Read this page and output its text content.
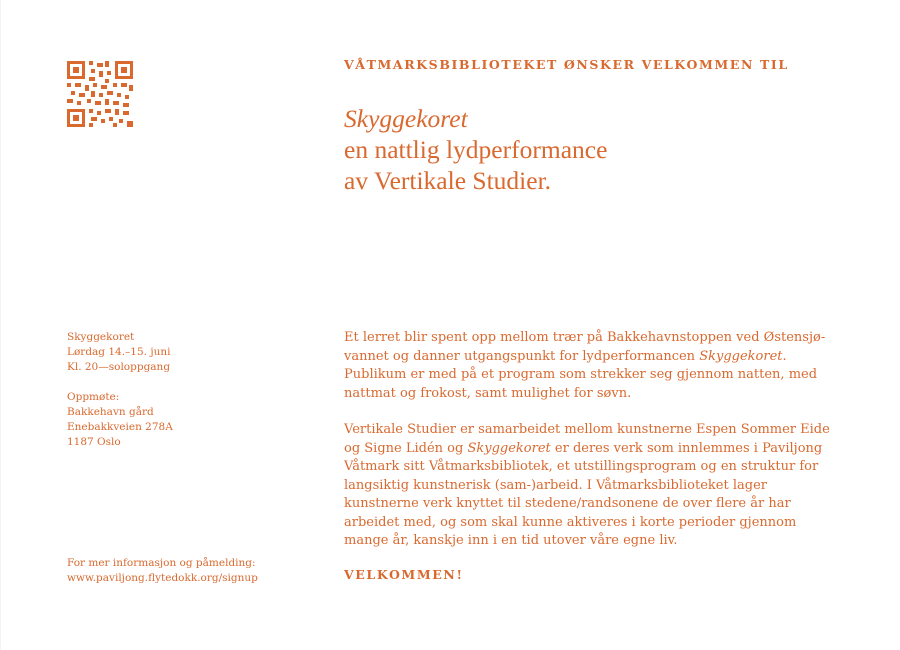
VÅTMARKSBIBLIOTEKET ØNSKER VELKOMMEN TIL
Skyggekoret
en nattlig lydperformance
av Vertikale Studier.
Skyggekoret
Lørdag 14.–15. juni
Kl. 20—soloppgang
Oppmøte:
Bakkehavn gård
Enebakkveien 278A
1187 Oslo
For mer informasjon og påmelding:
www.paviljong.flytedokk.org/signup

Et lerret blir spent opp mellom trær på Bakkehavnstoppen ved Østensjøvannet og danner utgangspunkt for lydperformancen Skyggekoret. Publikum er med på et program som strekker seg gjennom natten, med nattmat og frokost, samt mulighet for søvn.

Vertikale Studier er samarbeidet mellom kunstnerne Espen Sommer Eide og Signe Lidén og Skyggekoret er deres verk som innlemmes i Paviljong Våtmark sitt Våtmarksbibliotek, et utstillingsprogram og en struktur for langsiktig kunstnerisk (sam-)arbeid. I Våtmarksbiblioteket lager kunstnerne verk knyttet til stedene/randsonene de over flere år har arbeidet med, og som skal kunne aktiveres i korte perioder gjennom mange år, kanskje inn i en tid utover våre egne liv.

VELKOMMEN!
